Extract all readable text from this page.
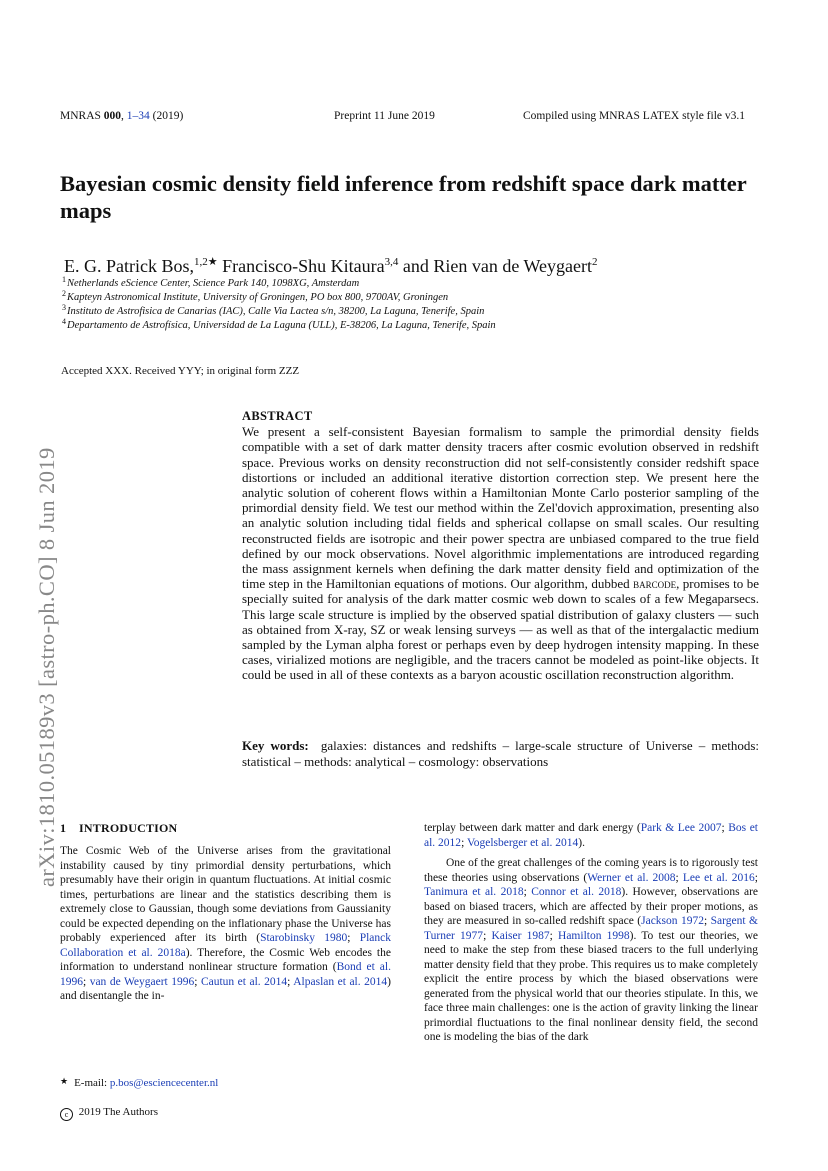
MNRAS 000, 1–34 (2019)	Preprint 11 June 2019	Compiled using MNRAS LATEX style file v3.1
Bayesian cosmic density field inference from redshift space dark matter maps
E. G. Patrick Bos,$^{1,2★}$ Francisco-Shu Kitaura$^{3,4}$ and Rien van de Weygaert$^2$
$^1$Netherlands eScience Center, Science Park 140, 1098XG, Amsterdam
$^2$Kapteyn Astronomical Institute, University of Groningen, PO box 800, 9700AV, Groningen
$^3$Instituto de Astrofisica de Canarias (IAC), Calle Via Lactea s/n, 38200, La Laguna, Tenerife, Spain
$^4$Departamento de Astrofísica, Universidad de La Laguna (ULL), E-38206, La Laguna, Tenerife, Spain
Accepted XXX. Received YYY; in original form ZZZ
arXiv:1810.05189v3 [astro-ph.CO] 8 Jun 2019
ABSTRACT
We present a self-consistent Bayesian formalism to sample the primordial density fields compatible with a set of dark matter density tracers after cosmic evolution observed in redshift space. Previous works on density reconstruction did not self-consistently consider redshift space distortions or included an additional iterative distortion correction step. We present here the analytic solution of coherent flows within a Hamiltonian Monte Carlo posterior sampling of the primordial density field. We test our method within the Zel'dovich approximation, presenting also an analytic solution including tidal fields and spherical collapse on small scales. Our resulting reconstructed fields are isotropic and their power spectra are unbiased compared to the true field defined by our mock observations. Novel algorithmic implementations are introduced regarding the mass assignment kernels when defining the dark matter density field and optimization of the time step in the Hamiltonian equations of motions. Our algorithm, dubbed barcode, promises to be specially suited for analysis of the dark matter cosmic web down to scales of a few Megaparsecs. This large scale structure is implied by the observed spatial distribution of galaxy clusters — such as obtained from X-ray, SZ or weak lensing surveys — as well as that of the intergalactic medium sampled by the Lyman alpha forest or perhaps even by deep hydrogen intensity mapping. In these cases, virialized motions are negligible, and the tracers cannot be modeled as point-like objects. It could be used in all of these contexts as a baryon acoustic oscillation reconstruction algorithm.
Key words: galaxies: distances and redshifts – large-scale structure of Universe – methods: statistical – methods: analytical – cosmology: observations
1 INTRODUCTION

The Cosmic Web of the Universe arises from the gravitational instability caused by tiny primordial density perturbations, which presumably have their origin in quantum fluctuations. At initial cosmic times, perturbations are linear and the statistics describing them is extremely close to Gaussian, though some deviations from Gaussianity could be expected depending on the inflationary phase the Universe has probably experienced after its birth (Starobinsky 1980; Planck Collaboration et al. 2018a). Therefore, the Cosmic Web encodes the information to understand nonlinear structure formation (Bond et al. 1996; van de Weygaert 1996; Cautun et al. 2014; Alpaslan et al. 2014) and disentangle the in-

terplay between dark matter and dark energy (Park & Lee 2007; Bos et al. 2012; Vogelsberger et al. 2014).

One of the great challenges of the coming years is to rigorously test these theories using observations (Werner et al. 2008; Lee et al. 2016; Tanimura et al. 2018; Connor et al. 2018). However, observations are based on biased tracers, which are affected by their proper motions, as they are measured in so-called redshift space (Jackson 1972; Sargent & Turner 1977; Kaiser 1987; Hamilton 1998). To test our theories, we need to make the step from these biased tracers to the full underlying matter density field that they probe. This requires us to make completely explicit the entire process by which the biased observations were generated from the physical world that our theories stipulate. In this, we face three main challenges: one is the action of gravity linking the linear primordial fluctuations to the final nonlinear density field, the second one is modeling the bias of the dark

★ E-mail: p.bos@esciencecenter.nl
c 2019 The Authors
